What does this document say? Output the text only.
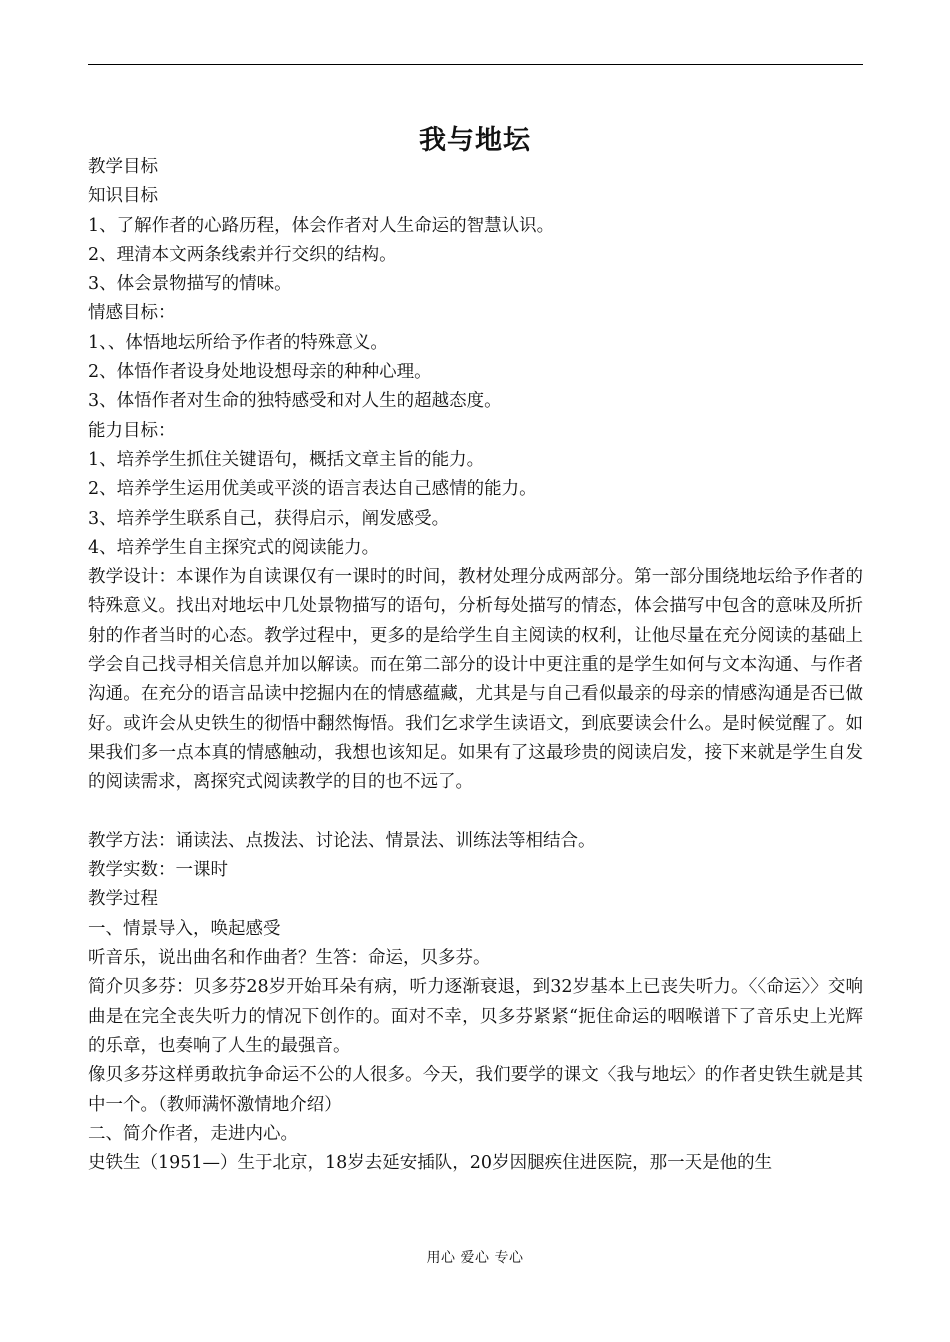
我与地坛

教学目标

知识目标

1、了解作者的心路历程，体会作者对人生命运的智慧认识。

2、理清本文两条线索并行交织的结构。

3、体会景物描写的情味。

情感目标：

1、、体悟地坛所给予作者的特殊意义。

2、体悟作者设身处地设想母亲的种种心理。

3、体悟作者对生命的独特感受和对人生的超越态度。

能力目标：

1、培养学生抓住关键语句，概括文章主旨的能力。

2、培养学生运用优美或平淡的语言表达自己感情的能力。

3、培养学生联系自己，获得启示，阐发感受。

4、培养学生自主探究式的阅读能力。

教学设计：本课作为自读课仅有一课时的时间，教材处理分成两部分。第一部分围绕地坛给予作者的特殊意义。找出对地坛中几处景物描写的语句，分析每处描写的情态，体会描写中包含的意味及所折射的作者当时的心态。教学过程中，更多的是给学生自主阅读的权利，让他尽量在充分阅读的基础上学会自己找寻相关信息并加以解读。而在第二部分的设计中更注重的是学生如何与文本沟通、与作者沟通。在充分的语言品读中挖掘内在的情感蕴藏，尤其是与自己看似最亲的母亲的情感沟通是否已做好。或许会从史铁生的彻悟中翻然悔悟。我们乞求学生读语文，到底要读会什么。是时候觉醒了。如果我们多一点本真的情感触动，我想也该知足。如果有了这最珍贵的阅读启发，接下来就是学生自发的阅读需求，离探究式阅读教学的目的也不远了。

教学方法：诵读法、点拨法、讨论法、情景法、训练法等相结合。

教学实数：一课时

教学过程

一、情景导入，唤起感受

听音乐，说出曲名和作曲者？生答：命运，贝多芬。

简介贝多芬：贝多芬28岁开始耳朵有病，听力逐渐衰退，到32岁基本上已丧失听力。〈〈命运〉〉交响曲是在完全丧失听力的情况下创作的。面对不幸，贝多芬紧紧“扼住命运的咽喉谱下了音乐史上光辉的乐章，也奏响了人生的最强音。

像贝多芬这样勇敢抗争命运不公的人很多。今天，我们要学的课文〈我与地坛〉的作者史铁生就是其中一个。（教师满怀激情地介绍）

二、简介作者，走进内心。

史铁生（1951—）生于北京，18岁去延安插队，20岁因腿疾住进医院，那一天是他的生

用心 爱心 专心
